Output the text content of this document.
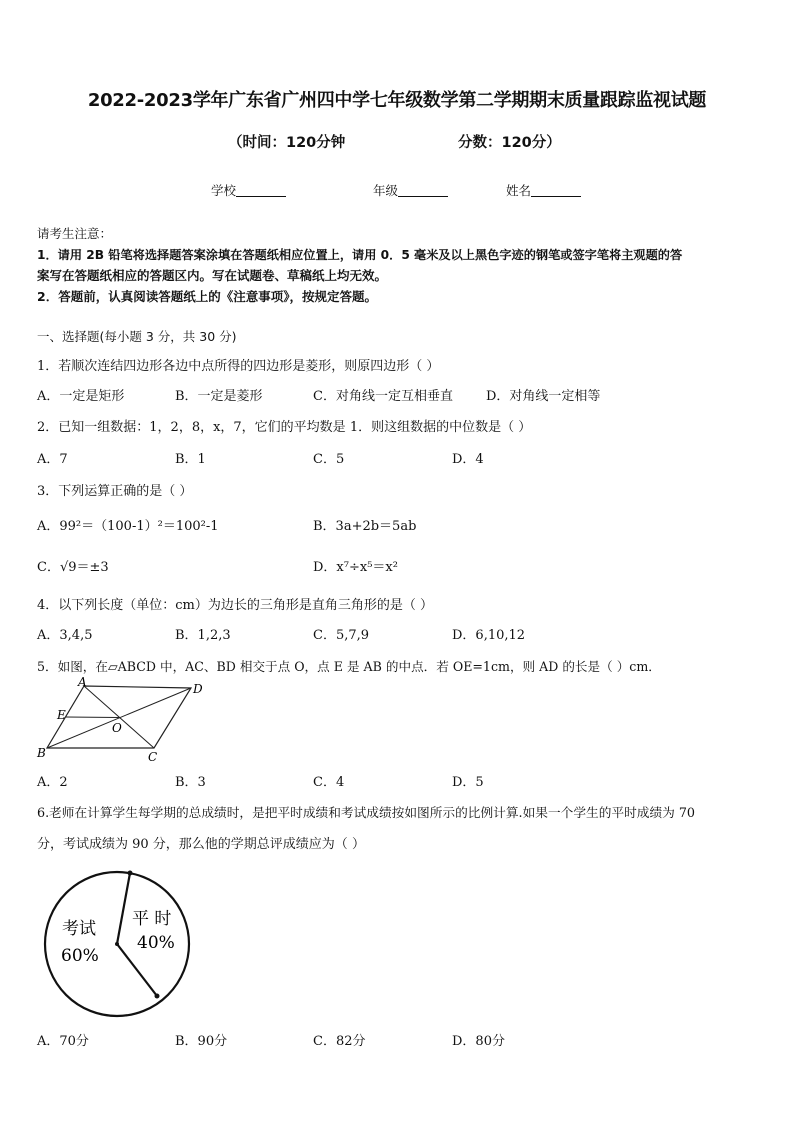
2022-2023学年广东省广州四中学七年级数学第二学期期末质量跟踪监视试题
（时间：120分钟	分数：120分）
学校	年级	姓名
请考生注意：
1．请用 2B 铅笔将选择题答案涂填在答题纸相应位置上，请用 0．5 毫米及以上黑色字迹的钢笔或签字笔将主观题的答
案写在答题纸相应的答题区内。写在试题卷、草稿纸上均无效。
2．答题前，认真阅读答题纸上的《注意事项》，按规定答题。
一、选择题(每小题 3 分，共 30 分)
1．若顺次连结四边形各边中点所得的四边形是菱形，则原四边形（ ）
A．一定是矩形	B．一定是菱形	C．对角线一定互相垂直	D．对角线一定相等
2．已知一组数据：1，2，8，x，7，它们的平均数是 1．则这组数据的中位数是（ ）
A．7	B．1	C．5	D．4
3．下列运算正确的是（ ）
A．99²＝（100-1）²＝100²-1	B．3a+2b＝5ab
C．√9＝±3	D．x⁷÷x⁵＝x²
4．以下列长度（单位：cm）为边长的三角形是直角三角形的是（ ）
A．3,4,5	B．1,2,3	C．5,7,9	D．6,10,12
5．如图，在▱ABCD 中，AC、BD 相交于点 O，点 E 是 AB 的中点．若 OE=1cm，则 AD 的长是（ ）cm．
A	D
B	C
E
O
A．2	B．3	C．4	D．5
6.老师在计算学生每学期的总成绩时，是把平时成绩和考试成绩按如图所示的比例计算.如果一个学生的平时成绩为 70
分，考试成绩为 90 分，那么他的学期总评成绩应为（ ）
考试
60%
平 时
40%
A．70分	B．90分	C．82分	D．80分
